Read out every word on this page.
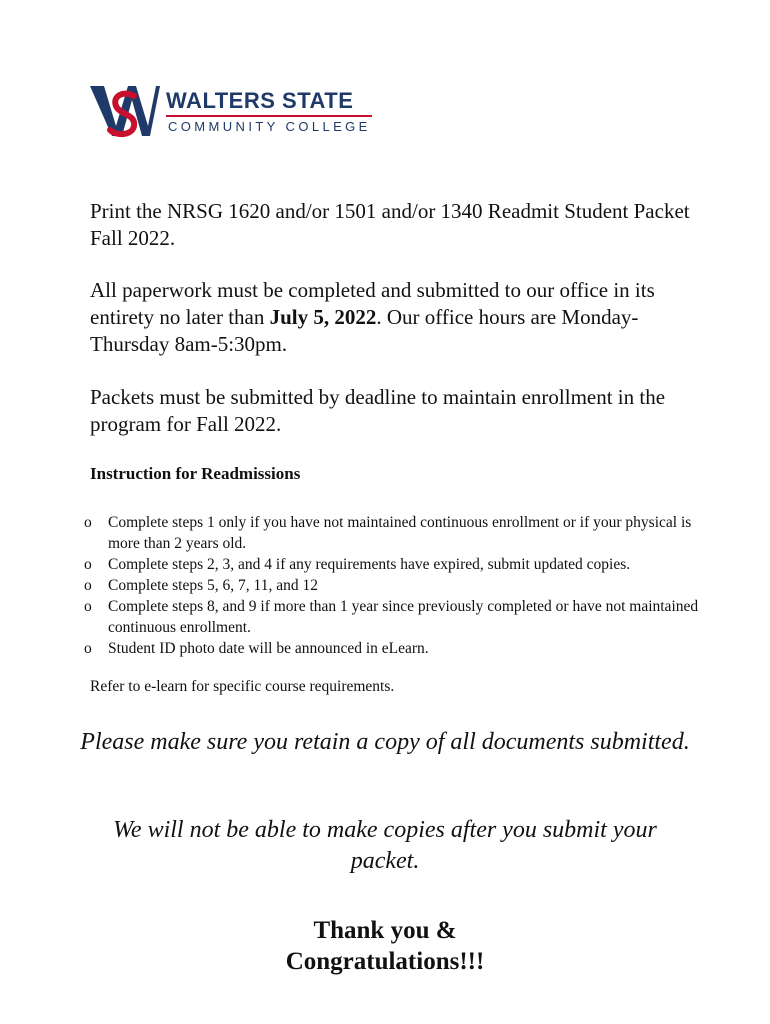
WALTERS STATE
COMMUNITY COLLEGE

Print the NRSG 1620 and/or 1501 and/or 1340 Readmit Student Packet Fall 2022.

All paperwork must be completed and submitted to our office in its entirety no later than July 5, 2022. Our office hours are Monday-Thursday 8am-5:30pm.

Packets must be submitted by deadline to maintain enrollment in the program for Fall 2022.

Instruction for Readmissions

o Complete steps 1 only if you have not maintained continuous enrollment or if your physical is more than 2 years old.
o Complete steps 2, 3, and 4 if any requirements have expired, submit updated copies.
o Complete steps 5, 6, 7, 11, and 12
o Complete steps 8, and 9 if more than 1 year since previously completed or have not maintained continuous enrollment.
o Student ID photo date will be announced in eLearn.

Refer to e-learn for specific course requirements.

Please make sure you retain a copy of all documents submitted.

We will not be able to make copies after you submit your packet.

Thank you &
Congratulations!!!
